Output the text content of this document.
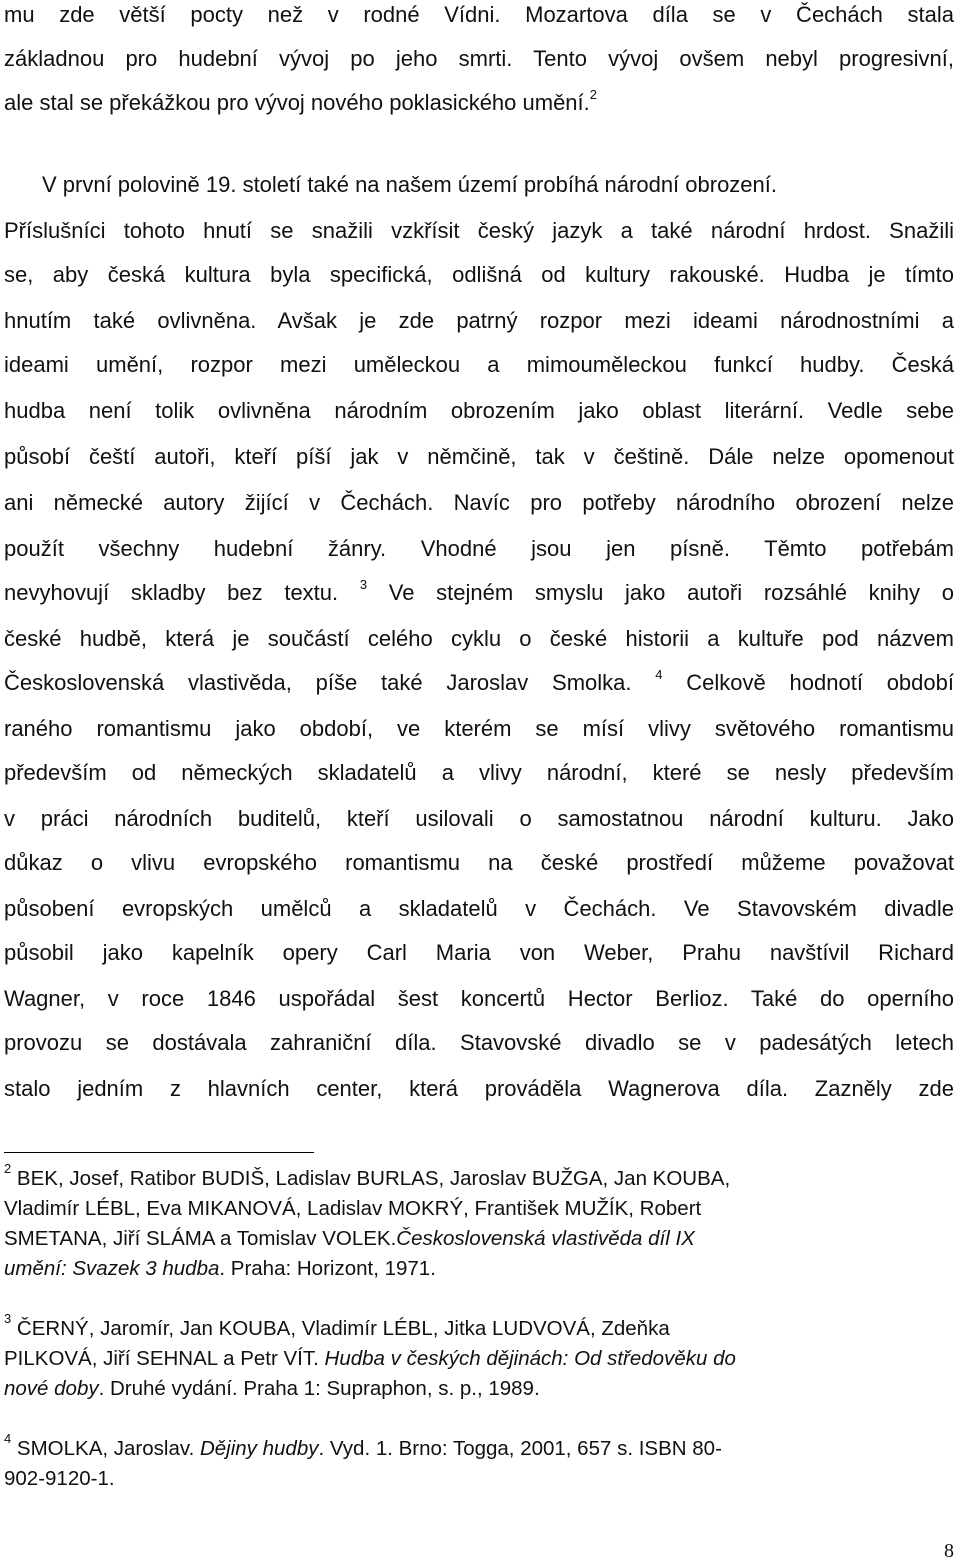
mu zde větší pocty než v rodné Vídni. Mozartova díla se v Čechách stala
základnou pro hudební vývoj po jeho smrti. Tento vývoj ovšem nebyl progresivní,
ale stal se překážkou pro vývoj nového poklasického umění.$^2$
V první polovině 19. století také na našem území probíhá národní obrození.
Příslušníci tohoto hnutí se snažili vzkřísit český jazyk a také národní hrdost. Snažili
se, aby česká kultura byla specifická, odlišná od kultury rakouské. Hudba je tímto
hnutím také ovlivněna. Avšak je zde patrný rozpor mezi ideami národnostními a
ideami umění, rozpor mezi uměleckou a mimouměleckou funkcí hudby. Česká
hudba není tolik ovlivněna národním obrozením jako oblast literární. Vedle sebe
působí čeští autoři, kteří píší jak v němčině, tak v češtině. Dále nelze opomenout
ani německé autory žijící v Čechách. Navíc pro potřeby národního obrození nelze
použít všechny hudební žánry. Vhodné jsou jen písně. Těmto potřebám
nevyhovují skladby bez textu. $^3$ Ve stejném smyslu jako autoři rozsáhlé knihy o
české hudbě, která je součástí celého cyklu o české historii a kultuře pod názvem
Československá vlastivěda, píše také Jaroslav Smolka. $^4$ Celkově hodnotí období
raného romantismu jako období, ve kterém se mísí vlivy světového romantismu
především od německých skladatelů a vlivy národní, které se nesly především
v práci národních buditelů, kteří usilovali o samostatnou národní kulturu. Jako
důkaz o vlivu evropského romantismu na české prostředí můžeme považovat
působení evropských umělců a skladatelů v Čechách. Ve Stavovském divadle
působil jako kapelník opery Carl Maria von Weber, Prahu navštívil Richard
Wagner, v roce 1846 uspořádal šest koncertů Hector Berlioz. Také do operního
provozu se dostávala zahraniční díla. Stavovské divadlo se v padesátých letech
stalo jedním z hlavních center, která prováděla Wagnerova díla. Zazněly zde
$^2$ BEK, Josef, Ratibor BUDIŠ, Ladislav BURLAS, Jaroslav BUŽGA, Jan KOUBA,
Vladimír LÉBL, Eva MIKANOVÁ, Ladislav MOKRÝ, František MUŽÍK, Robert
SMETANA, Jiří SLÁMA a Tomislav VOLEK.Československá vlastivěda díl IX
umění: Svazek 3 hudba. Praha: Horizont, 1971.
$^3$ ČERNÝ, Jaromír, Jan KOUBA, Vladimír LÉBL, Jitka LUDVOVÁ, Zdeňka
PILKOVÁ, Jiří SEHNAL a Petr VÍT. Hudba v českých dějinách: Od středověku do
nové doby. Druhé vydání. Praha 1: Supraphon, s. p., 1989.
$^4$ SMOLKA, Jaroslav. Dějiny hudby. Vyd. 1. Brno: Togga, 2001, 657 s. ISBN 80-
902-9120-1.
8
